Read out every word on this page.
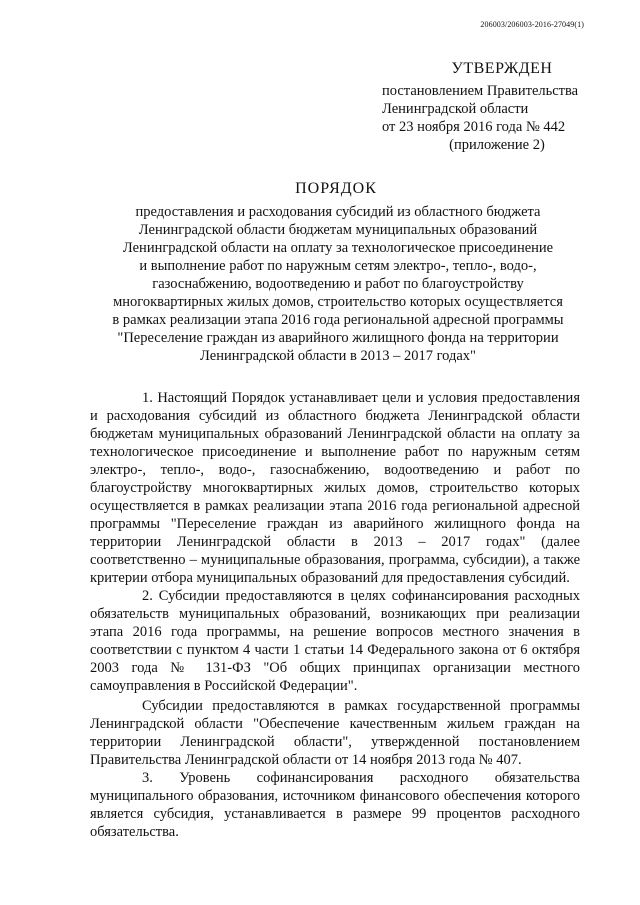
206003/206003-2016-27049(1)
УТВЕРЖДЕН
постановлением Правительства
Ленинградской области
от 23 ноября 2016 года № 442
(приложение 2)
ПОРЯДОК
предоставления и расходования субсидий из областного бюджета
Ленинградской области бюджетам муниципальных образований
Ленинградской области на оплату за технологическое присоединение
и выполнение работ по наружным сетям электро-, тепло-, водо-,
газоснабжению, водоотведению и работ по благоустройству
многоквартирных жилых домов, строительство которых осуществляется
в рамках реализации этапа 2016 года региональной адресной программы
"Переселение граждан из аварийного жилищного фонда на территории
Ленинградской области в 2013 – 2017 годах"

1. Настоящий Порядок устанавливает цели и условия предоставления и расходования субсидий из областного бюджета Ленинградской области бюджетам муниципальных образований Ленинградской области на оплату за технологическое присоединение и выполнение работ по наружным сетям электро-, тепло-, водо-, газоснабжению, водоотведению и работ по благоустройству многоквартирных жилых домов, строительство которых осуществляется в рамках реализации этапа 2016 года региональной адресной программы "Переселение граждан из аварийного жилищного фонда на территории Ленинградской области в 2013 – 2017 годах" (далее соответственно – муниципальные образования, программа, субсидии), а также критерии отбора муниципальных образований для предоставления субсидий.

2. Субсидии предоставляются в целях софинансирования расходных обязательств муниципальных образований, возникающих при реализации этапа 2016 года программы, на решение вопросов местного значения в соответствии с пунктом 4 части 1 статьи 14 Федерального закона от 6 октября 2003 года № 131-ФЗ "Об общих принципах организации местного самоуправления в Российской Федерации".

Субсидии предоставляются в рамках государственной программы Ленинградской области "Обеспечение качественным жильем граждан на территории Ленинградской области", утвержденной постановлением Правительства Ленинградской области от 14 ноября 2013 года № 407.

3. Уровень софинансирования расходного обязательства муниципального образования, источником финансового обеспечения которого является субсидия, устанавливается в размере 99 процентов расходного обязательства.
